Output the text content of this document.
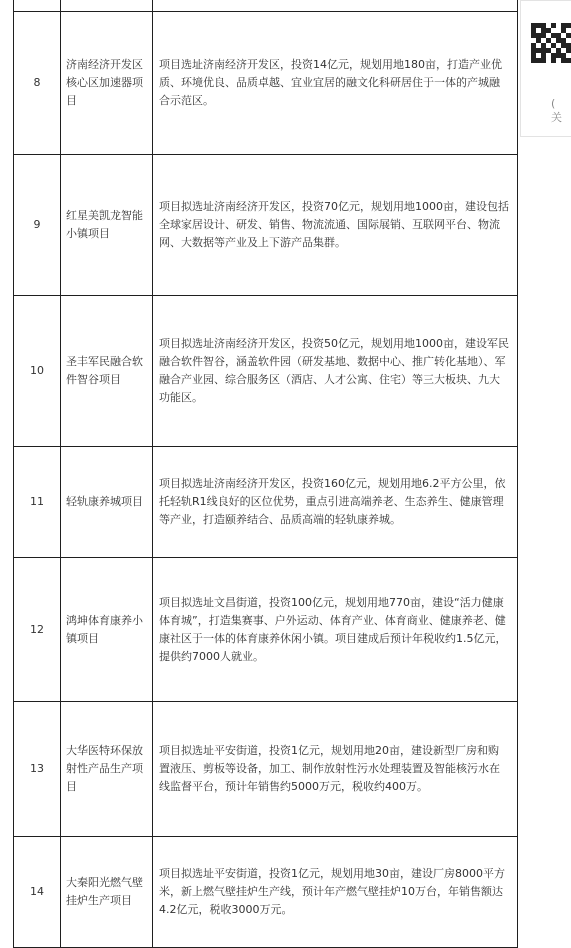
8	济南经济开发区核心区加速器项目	项目选址济南经济开发区，投资14亿元，规划用地180亩，打造产业优质、环境优良、品质卓越、宜业宜居的融文化科研居住于一体的产城融合示范区。
9	红星美凯龙智能小镇项目	项目拟选址济南经济开发区，投资70亿元，规划用地1000亩，建设包括全球家居设计、研发、销售、物流流通、国际展销、互联网平台、物流网、大数据等产业及上下游产品集群。
10	圣丰军民融合软件智谷项目	项目拟选址济南经济开发区，投资50亿元，规划用地1000亩，建设军民融合软件智谷，涵盖软件园（研发基地、数据中心、推广转化基地）、军融合产业园、综合服务区（酒店、人才公寓、住宅）等三大板块、九大功能区。
11	轻轨康养城项目	项目拟选址济南经济开发区，投资160亿元，规划用地6.2平方公里，依托轻轨R1线良好的区位优势，重点引进高端养老、生态养生、健康管理等产业，打造颐养结合、品质高端的轻轨康养城。
12	鸿坤体育康养小镇项目	项目拟选址文昌街道，投资100亿元，规划用地770亩，建设“活力健康体育城”，打造集赛事、户外运动、体育产业、体育商业、健康养老、健康社区于一体的体育康养休闲小镇。项目建成后预计年税收约1.5亿元，提供约7000人就业。
13	大华医特环保放射性产品生产项目	项目拟选址平安街道，投资1亿元，规划用地20亩，建设新型厂房和购置液压、剪板等设备，加工、制作放射性污水处理装置及智能核污水在线监督平台，预计年销售约5000万元，税收约400万。
14	大秦阳光燃气壁挂炉生产项目	项目拟选址平安街道，投资1亿元，规划用地30亩，建设厂房8000平方米，新上燃气壁挂炉生产线，预计年产燃气壁挂炉10万台，年销售额达4.2亿元，税收3000万元。
(
关
